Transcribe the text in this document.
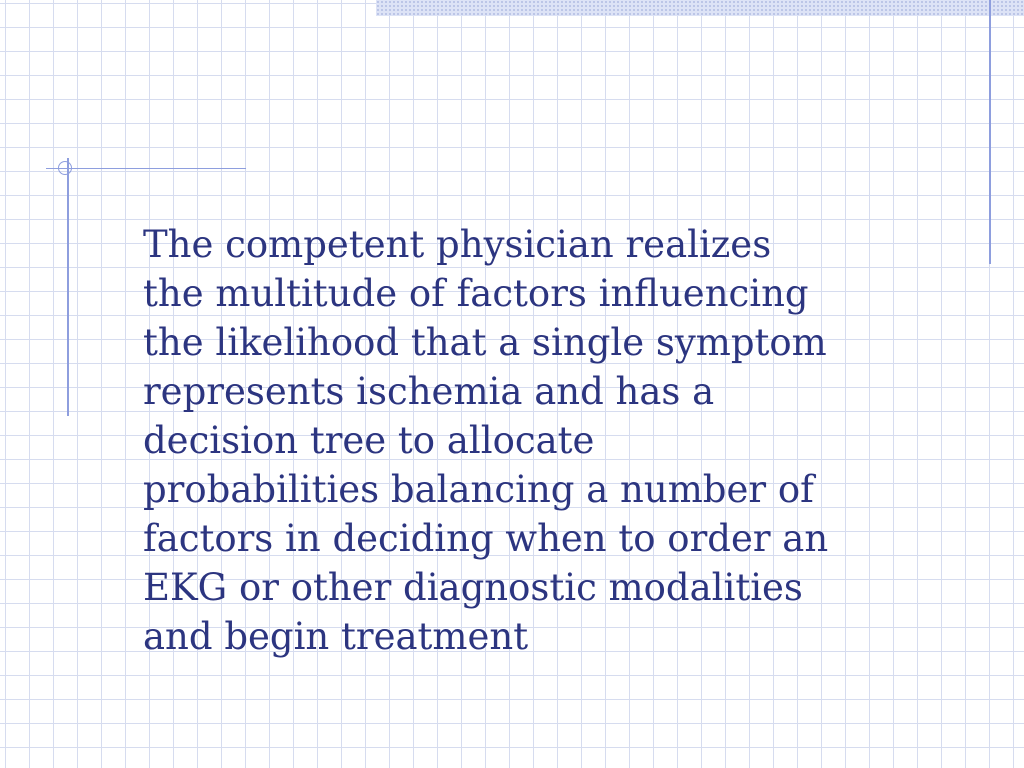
The competent physician realizes
the multitude of factors influencing
the likelihood that a single symptom
represents ischemia and has a
decision tree to allocate
probabilities balancing a number of
factors in deciding when to order an
EKG or other diagnostic modalities
and begin treatment
